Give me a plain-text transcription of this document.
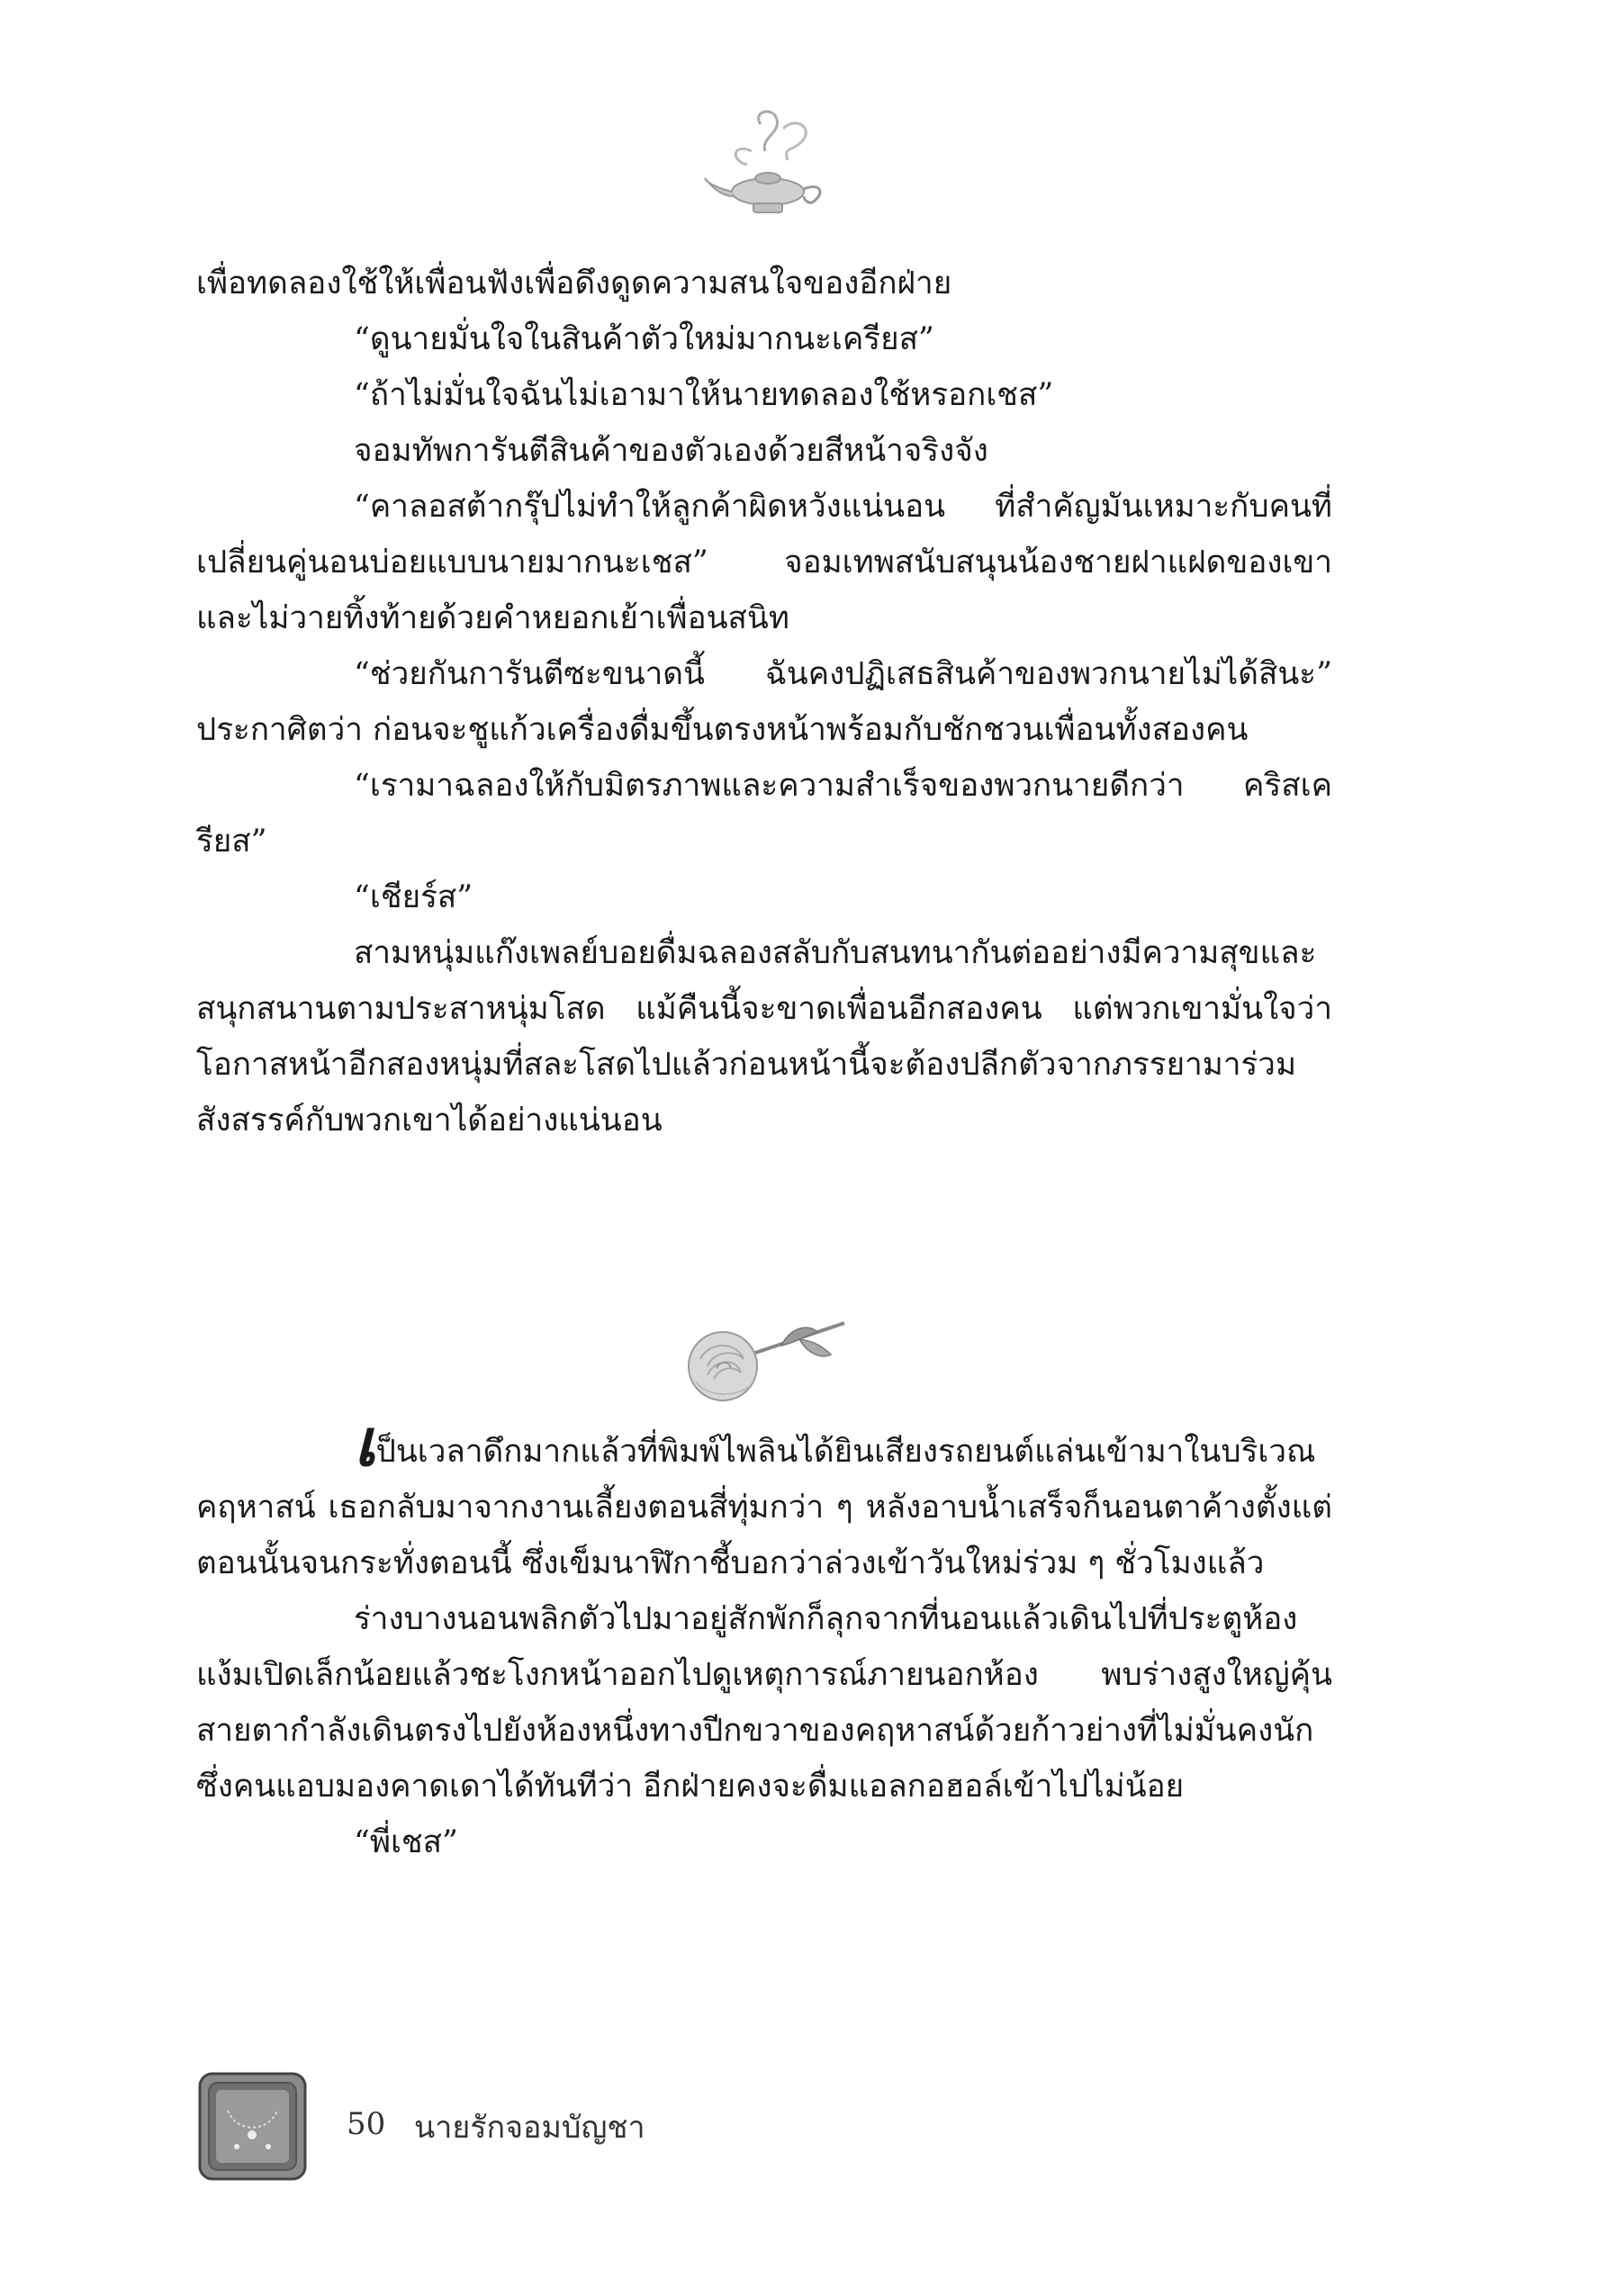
เพื่อทดลองใช้ให้เพื่อนฟังเพื่อดึงดูดความสนใจของอีกฝ่าย

“ดูนายมั่นใจในสินค้าตัวใหม่มากนะเครียส”

“ถ้าไม่มั่นใจฉันไม่เอามาให้นายทดลองใช้หรอกเชส”

จอมทัพการันตีสินค้าของตัวเองด้วยสีหน้าจริงจัง

“คาลอสต้ากรุ๊ปไม่ทำให้ลูกค้าผิดหวังแน่นอน ที่สำคัญมันเหมาะกับคนที่เปลี่ยนคู่นอนบ่อยแบบนายมากนะเชส” จอมเทพสนับสนุนน้องชายฝาแฝดของเขา และไม่วายทิ้งท้ายด้วยคำหยอกเย้าเพื่อนสนิท

“ช่วยกันการันตีซะขนาดนี้ ฉันคงปฏิเสธสินค้าของพวกนายไม่ได้สินะ” ประกาศิตว่า ก่อนจะชูแก้วเครื่องดื่มขึ้นตรงหน้าพร้อมกับชักชวนเพื่อนทั้งสองคน

“เรามาฉลองให้กับมิตรภาพและความสำเร็จของพวกนายดีกว่า คริสเครียส”

“เชียร์ส”

สามหนุ่มแก๊งเพลย์บอยดื่มฉลองสลับกับสนทนากันต่ออย่างมีความสุขและสนุกสนานตามประสาหนุ่มโสด แม้คืนนี้จะขาดเพื่อนอีกสองคน แต่พวกเขามั่นใจว่า โอกาสหน้าอีกสองหนุ่มที่สละโสดไปแล้วก่อนหน้านี้จะต้องปลีกตัวจากภรรยามาร่วมสังสรรค์กับพวกเขาได้อย่างแน่นอน

เป็นเวลาดึกมากแล้วที่พิมพ์ไพลินได้ยินเสียงรถยนต์แล่นเข้ามาในบริเวณคฤหาสน์ เธอกลับมาจากงานเลี้ยงตอนสี่ทุ่มกว่า ๆ หลังอาบน้ำเสร็จก็นอนตาค้างตั้งแต่ตอนนั้นจนกระทั่งตอนนี้ ซึ่งเข็มนาฬิกาชี้บอกว่าล่วงเข้าวันใหม่ร่วม ๆ ชั่วโมงแล้ว

ร่างบางนอนพลิกตัวไปมาอยู่สักพักก็ลุกจากที่นอนแล้วเดินไปที่ประตูห้อง แง้มเปิดเล็กน้อยแล้วชะโงกหน้าออกไปดูเหตุการณ์ภายนอกห้อง พบร่างสูงใหญ่คุ้นสายตากำลังเดินตรงไปยังห้องหนึ่งทางปีกขวาของคฤหาสน์ด้วยก้าวย่างที่ไม่มั่นคงนัก ซึ่งคนแอบมองคาดเดาได้ทันทีว่า อีกฝ่ายคงจะดื่มแอลกอฮอล์เข้าไปไม่น้อย

“พี่เชส”

50 นายรักจอมบัญชา
